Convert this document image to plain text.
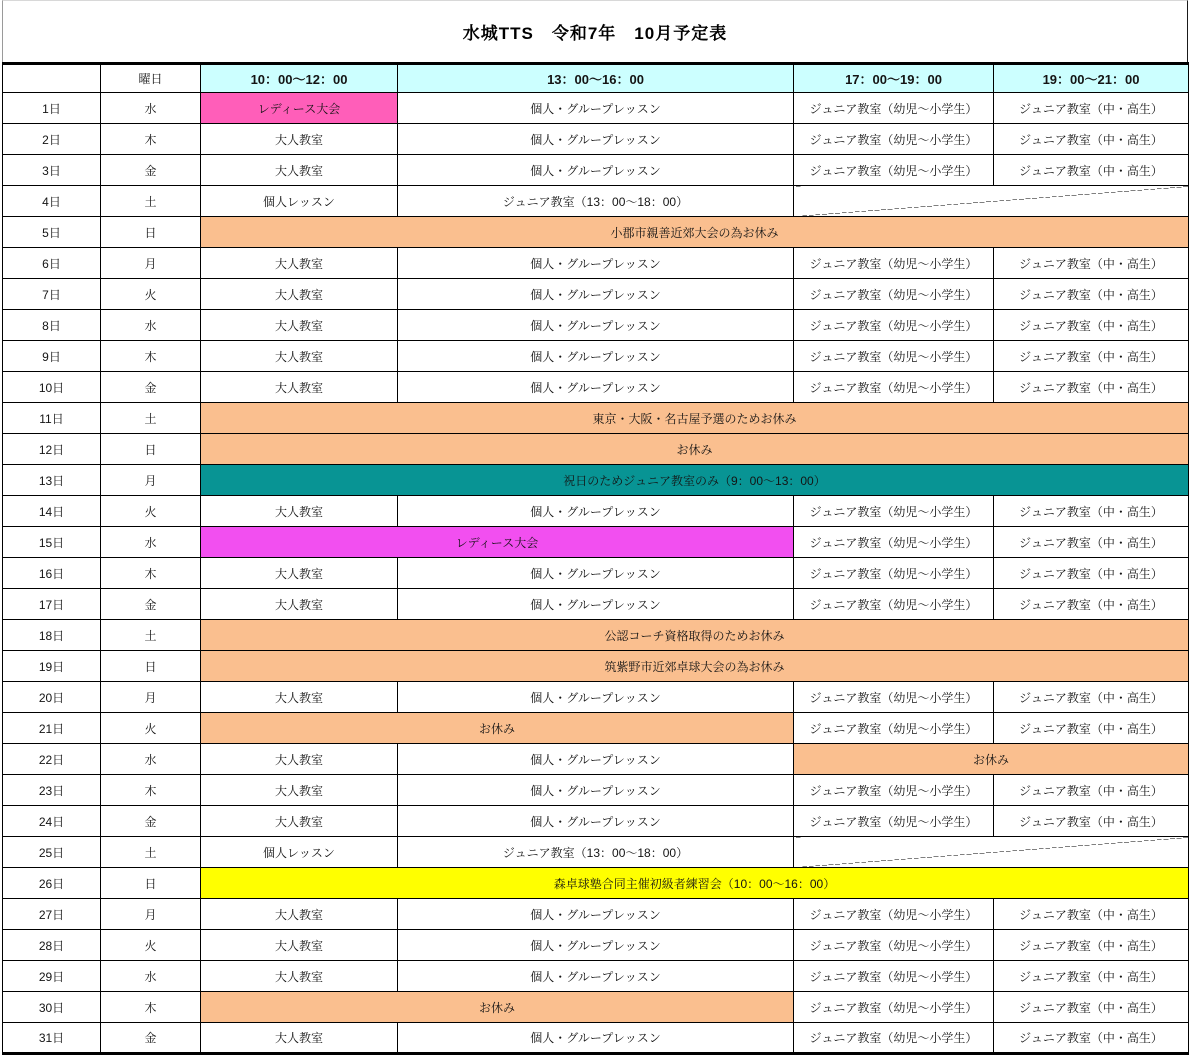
水城TTS　令和7年　10月予定表
	曜日	10：00～12：00	13：00～16：00	17：00～19：00	19：00～21：00
1日	水	レディース大会	個人・グループレッスン	ジュニア教室（幼児～小学生）	ジュニア教室（中・高生）
2日	木	大人教室	個人・グループレッスン	ジュニア教室（幼児～小学生）	ジュニア教室（中・高生）
3日	金	大人教室	個人・グループレッスン	ジュニア教室（幼児～小学生）	ジュニア教室（中・高生）
4日	土	個人レッスン	ジュニア教室（13：00～18：00）		
5日	日	小郡市親善近郊大会の為お休み			
6日	月	大人教室	個人・グループレッスン	ジュニア教室（幼児～小学生）	ジュニア教室（中・高生）
7日	火	大人教室	個人・グループレッスン	ジュニア教室（幼児～小学生）	ジュニア教室（中・高生）
8日	水	大人教室	個人・グループレッスン	ジュニア教室（幼児～小学生）	ジュニア教室（中・高生）
9日	木	大人教室	個人・グループレッスン	ジュニア教室（幼児～小学生）	ジュニア教室（中・高生）
10日	金	大人教室	個人・グループレッスン	ジュニア教室（幼児～小学生）	ジュニア教室（中・高生）
11日	土	東京・大阪・名古屋予選のためお休み			
12日	日	お休み			
13日	月	祝日のためジュニア教室のみ（9：00～13：00）			
14日	火	大人教室	個人・グループレッスン	ジュニア教室（幼児～小学生）	ジュニア教室（中・高生）
15日	水	レディース大会		ジュニア教室（幼児～小学生）	ジュニア教室（中・高生）
16日	木	大人教室	個人・グループレッスン	ジュニア教室（幼児～小学生）	ジュニア教室（中・高生）
17日	金	大人教室	個人・グループレッスン	ジュニア教室（幼児～小学生）	ジュニア教室（中・高生）
18日	土	公認コーチ資格取得のためお休み			
19日	日	筑紫野市近郊卓球大会の為お休み			
20日	月	大人教室	個人・グループレッスン	ジュニア教室（幼児～小学生）	ジュニア教室（中・高生）
21日	火	お休み		ジュニア教室（幼児～小学生）	ジュニア教室（中・高生）
22日	水	大人教室	個人・グループレッスン	お休み	
23日	木	大人教室	個人・グループレッスン	ジュニア教室（幼児～小学生）	ジュニア教室（中・高生）
24日	金	大人教室	個人・グループレッスン	ジュニア教室（幼児～小学生）	ジュニア教室（中・高生）
25日	土	個人レッスン	ジュニア教室（13：00～18：00）		
26日	日	森卓球塾合同主催初級者練習会（10：00～16：00）			
27日	月	大人教室	個人・グループレッスン	ジュニア教室（幼児～小学生）	ジュニア教室（中・高生）
28日	火	大人教室	個人・グループレッスン	ジュニア教室（幼児～小学生）	ジュニア教室（中・高生）
29日	水	大人教室	個人・グループレッスン	ジュニア教室（幼児～小学生）	ジュニア教室（中・高生）
30日	木	お休み		ジュニア教室（幼児～小学生）	ジュニア教室（中・高生）
31日	金	大人教室	個人・グループレッスン	ジュニア教室（幼児～小学生）	ジュニア教室（中・高生）
